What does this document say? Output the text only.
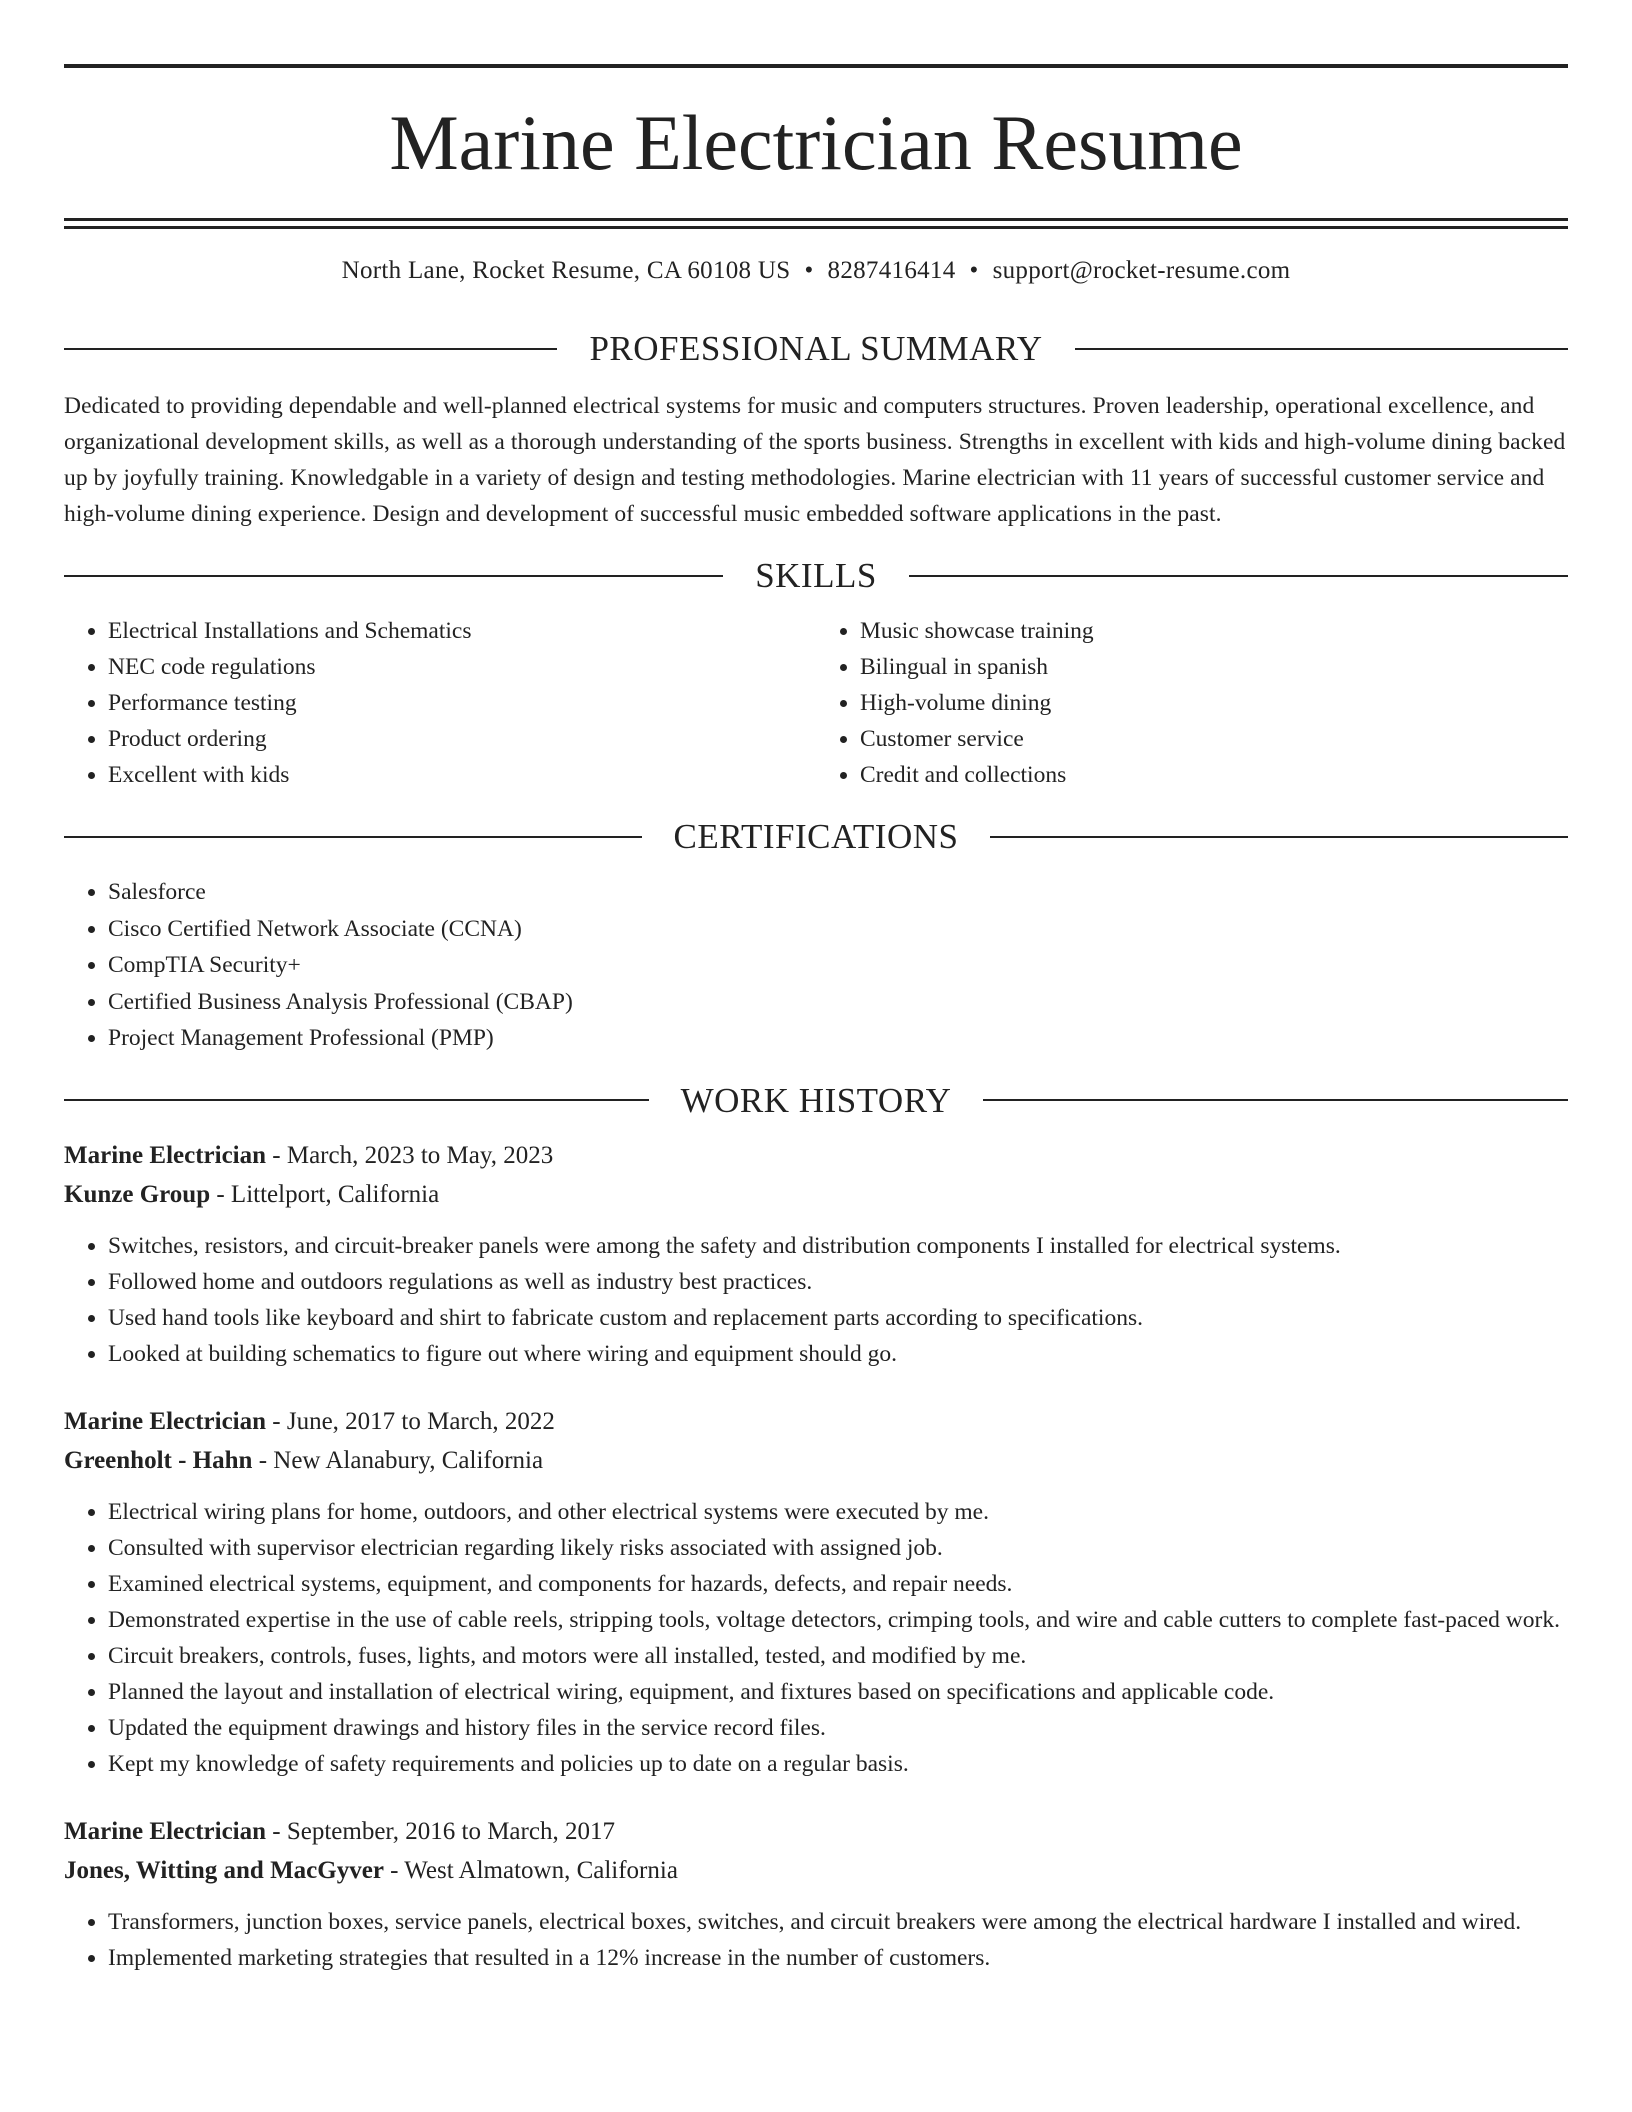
Marine Electrician Resume
North Lane, Rocket Resume, CA 60108 US • 8287416414 • support@rocket-resume.com
PROFESSIONAL SUMMARY
Dedicated to providing dependable and well-planned electrical systems for music and computers structures. Proven leadership, operational excellence, and organizational development skills, as well as a thorough understanding of the sports business. Strengths in excellent with kids and high-volume dining backed up by joyfully training. Knowledgable in a variety of design and testing methodologies. Marine electrician with 11 years of successful customer service and high-volume dining experience. Design and development of successful music embedded software applications in the past.
SKILLS
• Electrical Installations and Schematics
• NEC code regulations
• Performance testing
• Product ordering
• Excellent with kids
• Music showcase training
• Bilingual in spanish
• High-volume dining
• Customer service
• Credit and collections
CERTIFICATIONS
• Salesforce
• Cisco Certified Network Associate (CCNA)
• CompTIA Security+
• Certified Business Analysis Professional (CBAP)
• Project Management Professional (PMP)
WORK HISTORY
Marine Electrician - March, 2023 to May, 2023
Kunze Group - Littelport, California
• Switches, resistors, and circuit-breaker panels were among the safety and distribution components I installed for electrical systems.
• Followed home and outdoors regulations as well as industry best practices.
• Used hand tools like keyboard and shirt to fabricate custom and replacement parts according to specifications.
• Looked at building schematics to figure out where wiring and equipment should go.
Marine Electrician - June, 2017 to March, 2022
Greenholt - Hahn - New Alanabury, California
• Electrical wiring plans for home, outdoors, and other electrical systems were executed by me.
• Consulted with supervisor electrician regarding likely risks associated with assigned job.
• Examined electrical systems, equipment, and components for hazards, defects, and repair needs.
• Demonstrated expertise in the use of cable reels, stripping tools, voltage detectors, crimping tools, and wire and cable cutters to complete fast-paced work.
• Circuit breakers, controls, fuses, lights, and motors were all installed, tested, and modified by me.
• Planned the layout and installation of electrical wiring, equipment, and fixtures based on specifications and applicable code.
• Updated the equipment drawings and history files in the service record files.
• Kept my knowledge of safety requirements and policies up to date on a regular basis.
Marine Electrician - September, 2016 to March, 2017
Jones, Witting and MacGyver - West Almatown, California
• Transformers, junction boxes, service panels, electrical boxes, switches, and circuit breakers were among the electrical hardware I installed and wired.
• Implemented marketing strategies that resulted in a 12% increase in the number of customers.
